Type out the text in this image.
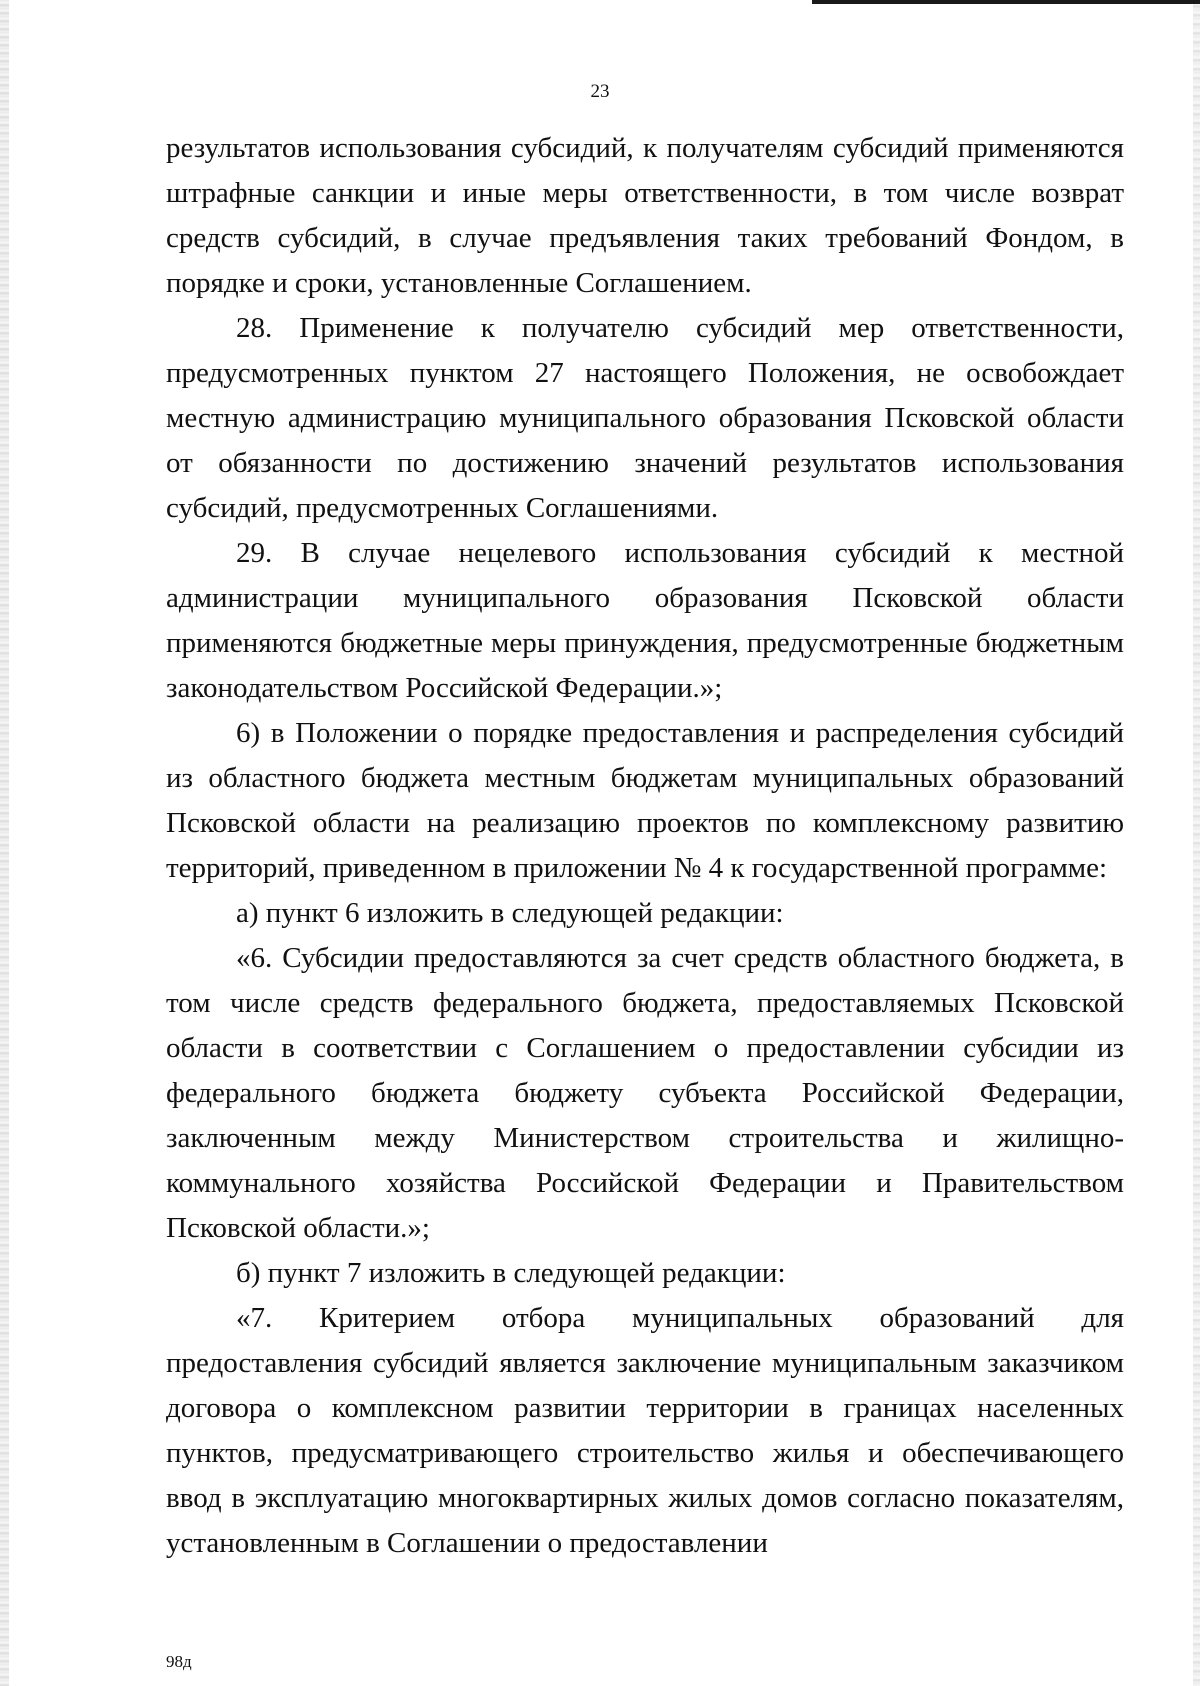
23

результатов использования субсидий, к получателям субсидий применяются штрафные санкции и иные меры ответственности, в том числе возврат средств субсидий, в случае предъявления таких требований Фондом, в порядке и сроки, установленные Соглашением.

28. Применение к получателю субсидий мер ответственности, предусмотренных пунктом 27 настоящего Положения, не освобождает местную администрацию муниципального образования Псковской области от обязанности по достижению значений результатов использования субсидий, предусмотренных Соглашениями.

29. В случае нецелевого использования субсидий к местной администрации муниципального образования Псковской области применяются бюджетные меры принуждения, предусмотренные бюджетным законодательством Российской Федерации.»;

6) в Положении о порядке предоставления и распределения субсидий из областного бюджета местным бюджетам муниципальных образований Псковской области на реализацию проектов по комплексному развитию территорий, приведенном в приложении № 4 к государственной программе:

а) пункт 6 изложить в следующей редакции:

«6. Субсидии предоставляются за счет средств областного бюджета, в том числе средств федерального бюджета, предоставляемых Псковской области в соответствии с Соглашением о предоставлении субсидии из федерального бюджета бюджету субъекта Российской Федерации, заключенным между Министерством строительства и жилищно-коммунального хозяйства Российской Федерации и Правительством Псковской области.»;

б) пункт 7 изложить в следующей редакции:

«7. Критерием отбора муниципальных образований для предоставления субсидий является заключение муниципальным заказчиком договора о комплексном развитии территории в границах населенных пунктов, предусматривающего строительство жилья и обеспечивающего ввод в эксплуатацию многоквартирных жилых домов согласно показателям, установленным в Соглашении о предоставлении

98д
